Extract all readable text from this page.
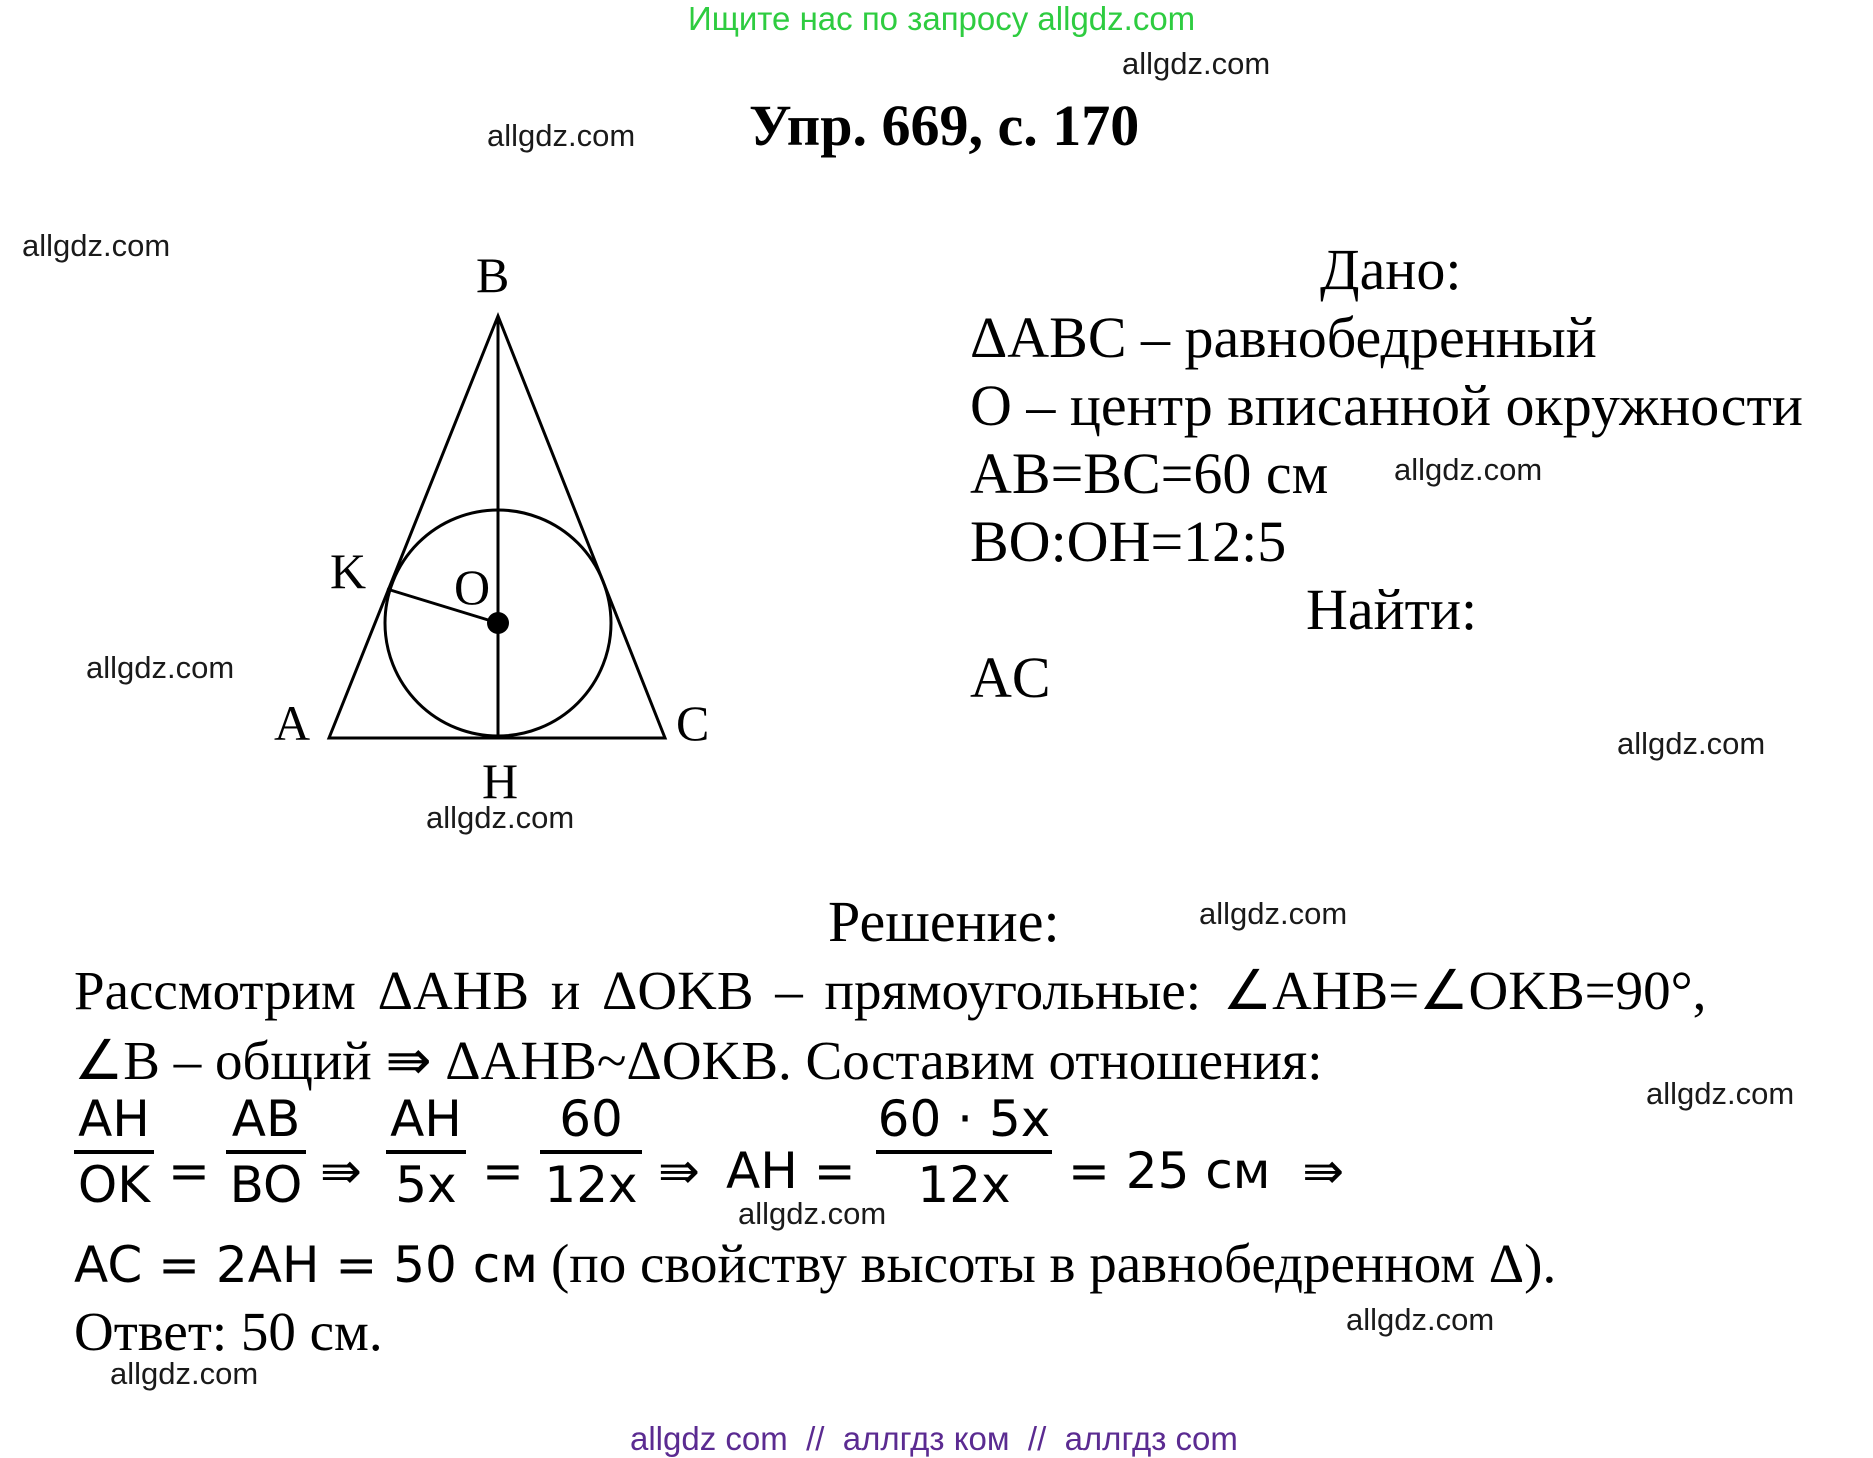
Ищите нас по запросу allgdz.com
Упр. 669, с. 170
allgdz.com
allgdz.com
allgdz.com
allgdz.com
allgdz.com
allgdz.com
allgdz.com
allgdz.com
allgdz.com
allgdz.com
allgdz.com
allgdz.com
B
K O
A	C
H
Дано:
ΔABC – равнобедренный
O – центр вписанной окружности
AB=BC=60 см
BO:OH=12:5
Найти:
AC
Решение:
Рассмотрим ΔAHB и ΔOKB – прямоугольные: ∠AHB=∠OKB=90°,
∠B – общий ⇛ ΔAHB~ΔOKB. Составим отношения:
AH
OK =
AB
BO ⇛
AH
5x =
60
12x ⇛ AH =
60 · 5x
12x	= 25 см  ⇛
AC = 2AH = 50 см (по свойству высоты в равнобедренном Δ).
Ответ: 50 см.
allgdz com  //  аллгдз ком  //  аллгдз com
